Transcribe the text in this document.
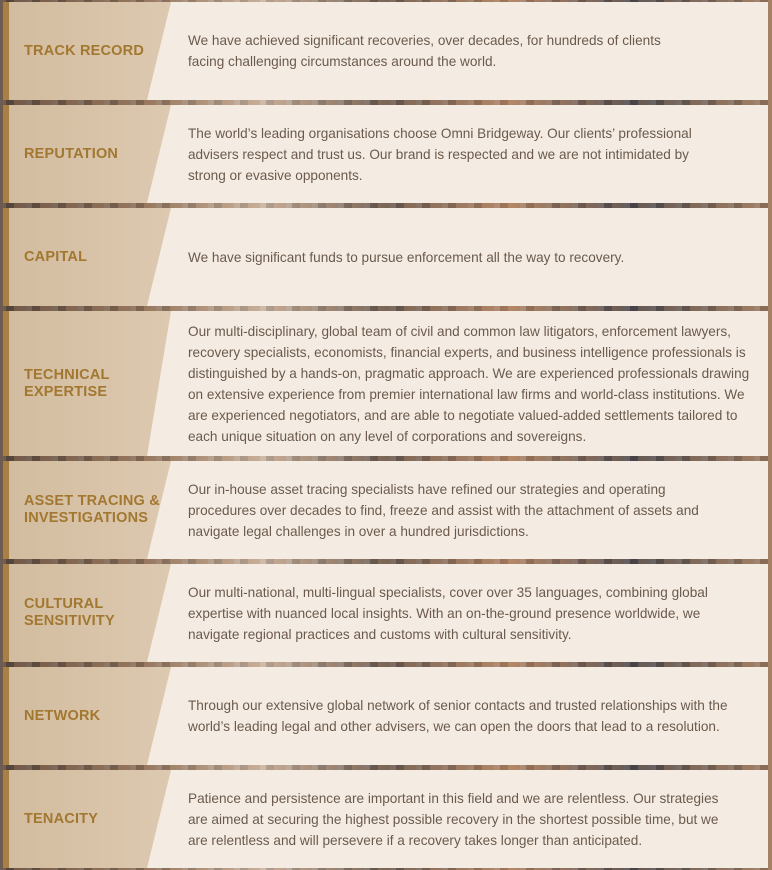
TRACK RECORD
We have achieved significant recoveries, over decades, for hundreds of clients facing challenging circumstances around the world.
REPUTATION
The world’s leading organisations choose Omni Bridgeway. Our clients’ professional advisers respect and trust us. Our brand is respected and we are not intimidated by strong or evasive opponents.
CAPITAL	We have significant funds to pursue enforcement all the way to recovery.
TECHNICAL EXPERTISE
Our multi-disciplinary, global team of civil and common law litigators, enforcement lawyers, recovery specialists, economists, financial experts, and business intelligence professionals is distinguished by a hands-on, pragmatic approach. We are experienced professionals drawing on extensive experience from premier international law firms and world-class institutions. We are experienced negotiators, and are able to negotiate valued-added settlements tailored to each unique situation on any level of corporations and sovereigns.
ASSET TRACING & INVESTIGATIONS
Our in-house asset tracing specialists have refined our strategies and operating procedures over decades to find, freeze and assist with the attachment of assets and navigate legal challenges in over a hundred jurisdictions.
CULTURAL SENSITIVITY
Our multi-national, multi-lingual specialists, cover over 35 languages, combining global expertise with nuanced local insights. With an on-the-ground presence worldwide, we navigate regional practices and customs with cultural sensitivity.
NETWORK
Through our extensive global network of senior contacts and trusted relationships with the world’s leading legal and other advisers, we can open the doors that lead to a resolution.
TENACITY
Patience and persistence are important in this field and we are relentless. Our strategies are aimed at securing the highest possible recovery in the shortest possible time, but we are relentless and will persevere if a recovery takes longer than anticipated.
